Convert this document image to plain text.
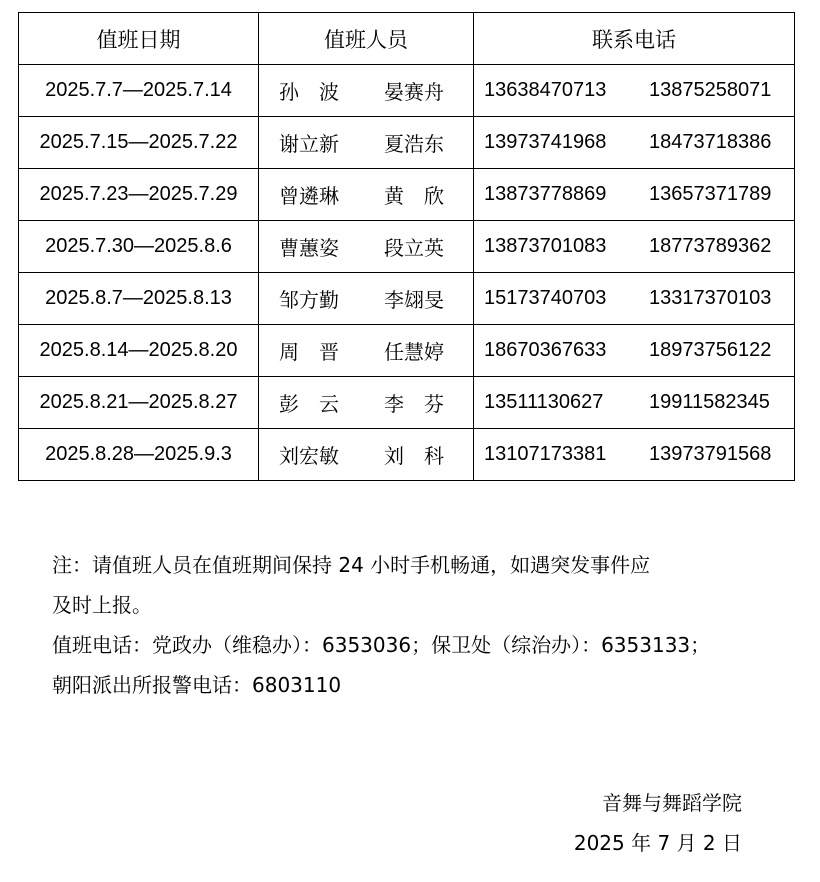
值班日期	值班人员	联系电话
2025.7.7—2025.7.14	孙　波 晏赛舟	13638470713 13875258071
2025.7.15—2025.7.22	谢立新 夏浩东	13973741968 18473718386
2025.7.23—2025.7.29	曾遴琳 黄　欣	13873778869 13657371789
2025.7.30—2025.8.6	曹蕙姿 段立英	13873701083 18773789362
2025.8.7—2025.8.13	邹方勤 李翃旻	15173740703 13317370103
2025.8.14—2025.8.20	周　晋 任慧婷	18670367633 18973756122
2025.8.21—2025.8.27	彭　云 李　芬	13511130627 19911582345
2025.8.28—2025.9.3	刘宏敏 刘　科	13107173381 13973791568

注：请值班人员在值班期间保持 24 小时手机畅通，如遇突发事件应

及时上报。

值班电话：党政办（维稳办）：6353036；保卫处（综治办）：6353133；

朝阳派出所报警电话：6803110

音舞与舞蹈学院

2025 年 7 月 2 日
